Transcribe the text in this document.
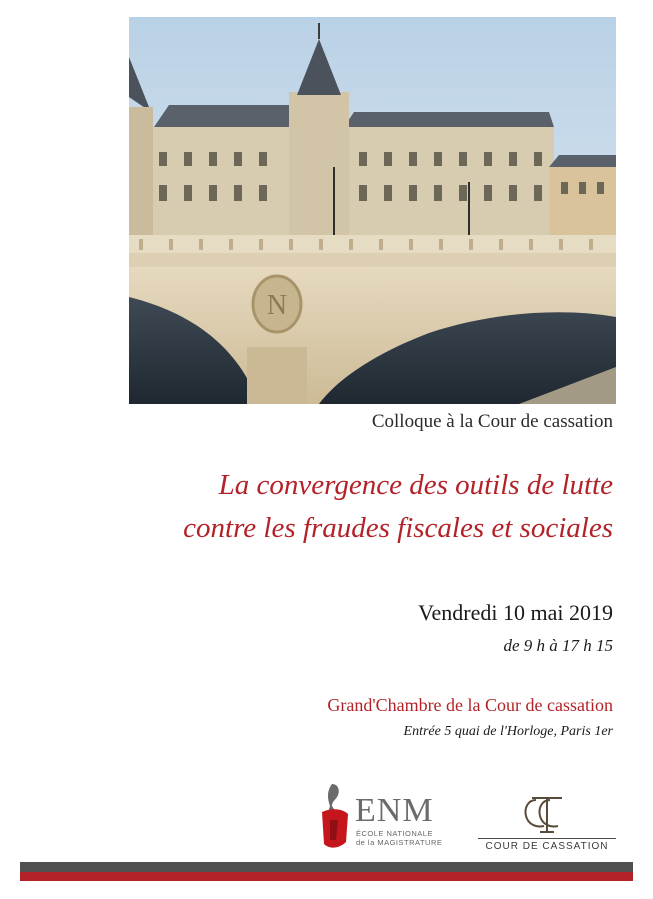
N
Colloque à la Cour de cassation
La convergence des outils de lutte
contre les fraudes fiscales et sociales
Vendredi 10 mai 2019
de 9 h à 17 h 15
Grand'Chambre de la Cour de cassation
Entrée 5 quai de l'Horloge, Paris 1er
ENM
ÉCOLE NATIONALE
de la MAGISTRATURE	COUR DE CASSATION
